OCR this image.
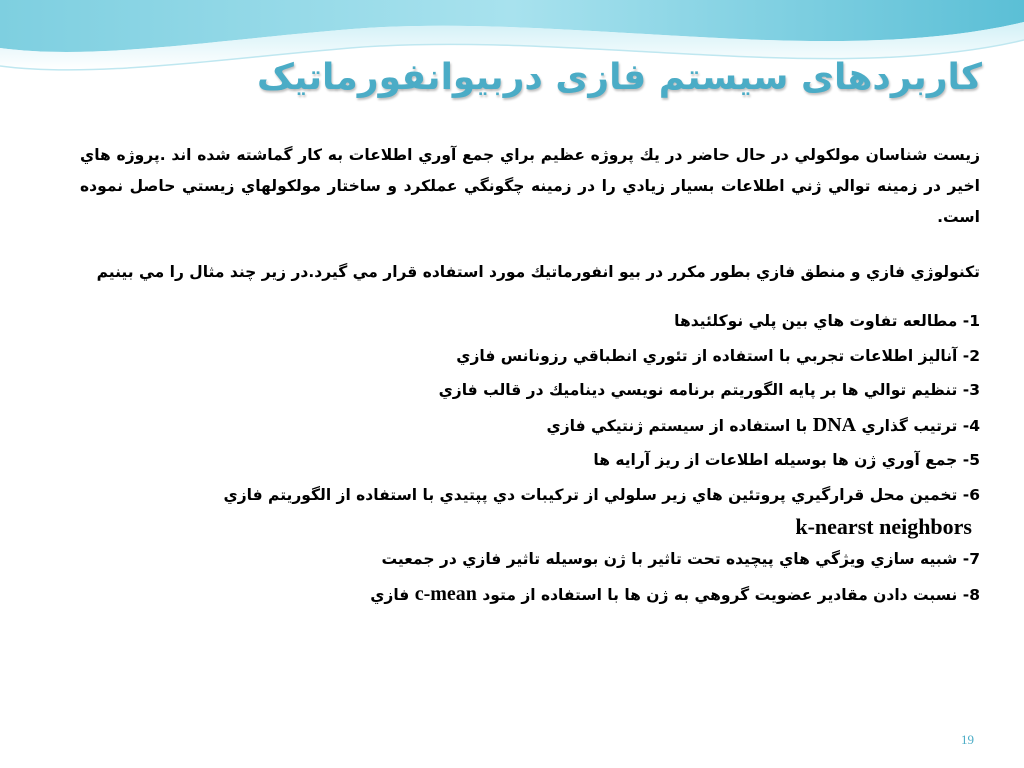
کاربردهای سیستم فازی دربیوانفورماتیک

زیست شناسان مولكولي در حال حاضر در يك پروژه عظيم براي جمع آوري اطلاعات به كار گماشته شده اند .پروژه هاي اخير در زمينه توالي ژني اطلاعات بسيار زيادي را در زمينه چگونگي عملكرد و ساختار مولكولهاي زيستي حاصل نموده است.

تكنولوژي فازي و منطق فازي بطور مكرر در بيو انفورماتيك مورد استفاده قرار مي گيرد.در زير چند مثال را مي بينيم

1- مطالعه تفاوت هاي بين پلي نوكلئيدها
2- آناليز اطلاعات تجربي با استفاده از تئوري انطباقي رزونانس فازي
3- تنظيم توالي ها بر پايه الگوريتم برنامه نويسي ديناميك در قالب فازي
4- ترتيب گذاري DNA با استفاده از سيستم ژنتيكي فازي
5- جمع آوري ژن ها بوسيله اطلاعات از ريز آرايه ها
6- تخمين محل قرارگيري پروتئين هاي زير سلولي از تركيبات دي پپتيدي با استفاده از الگوريتم فازي
k-nearst neighbors
7- شبيه سازي ويژگي هاي پيچيده تحت تاثير با ژن بوسيله تاثير فازي در جمعيت
8- نسبت دادن مقادير عضويت گروهي به ژن ها با استفاده از متود c-mean فازي
19
